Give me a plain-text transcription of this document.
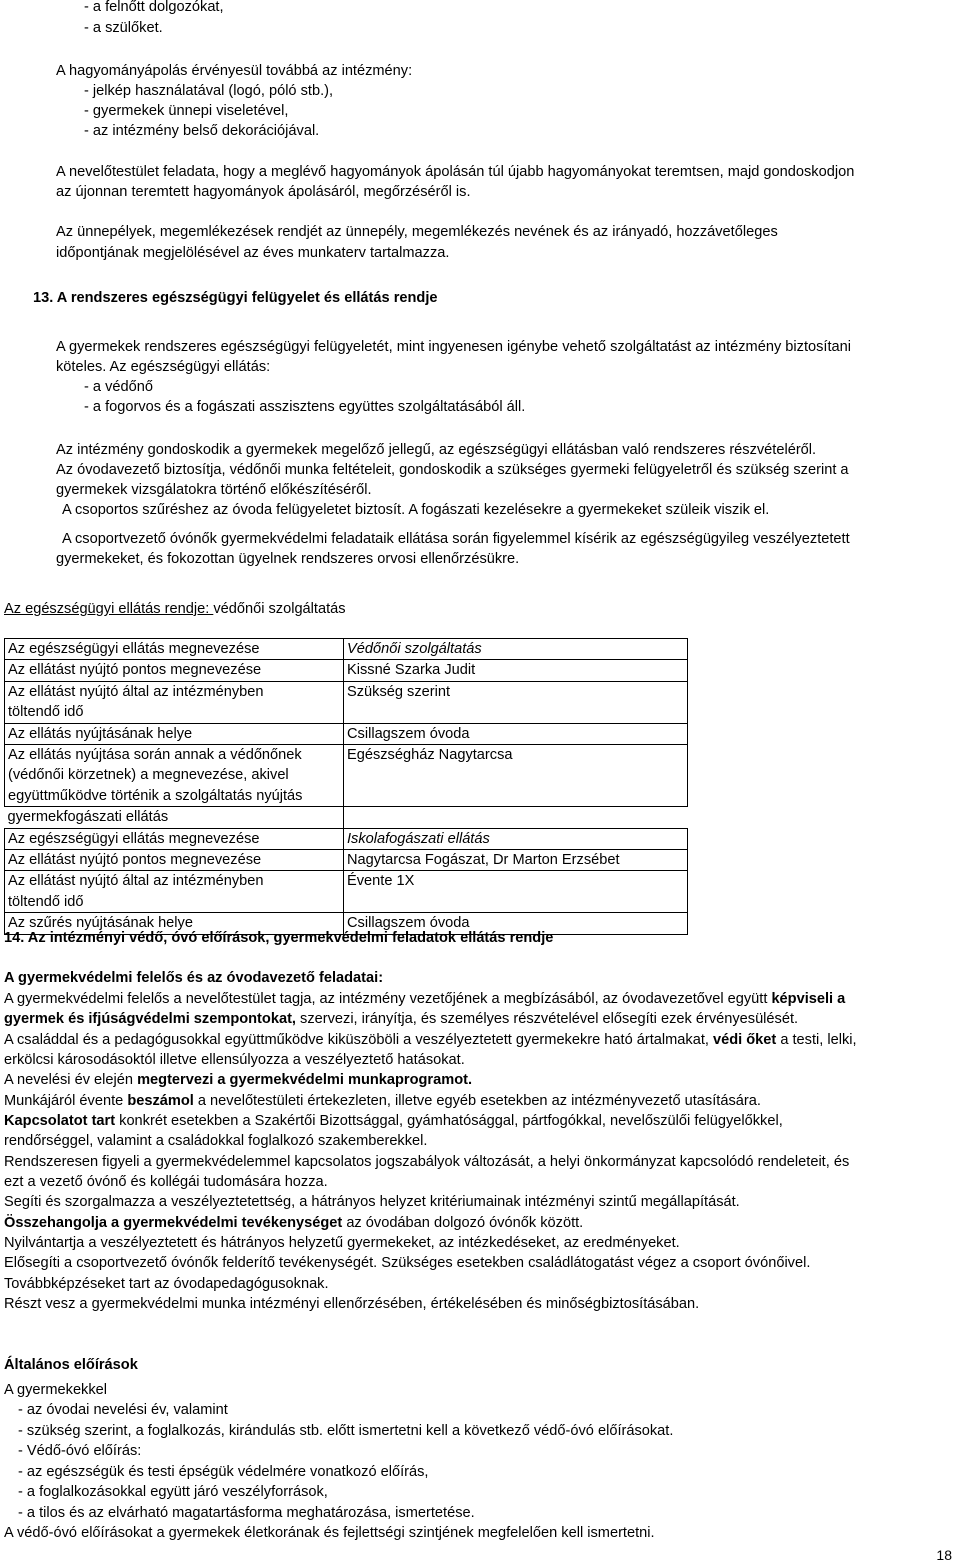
- a felnőtt dolgozókat,
- a szülőket.
A hagyományápolás érvényesül továbbá az intézmény:
- jelkép használatával (logó, póló stb.),
- gyermekek ünnepi viseletével,
- az intézmény belső dekorációjával.
A nevelőtestület feladata, hogy a meglévő hagyományok ápolásán túl újabb hagyományokat teremtsen, majd gondoskodjon
az újonnan teremtett hagyományok ápolásáról, megőrzéséről is.
Az ünnepélyek, megemlékezések rendjét az ünnepély, megemlékezés nevének és az irányadó, hozzávetőleges
időpontjának megjelölésével az éves munkaterv tartalmazza.
13. A rendszeres egészségügyi felügyelet és ellátás rendje
A gyermekek rendszeres egészségügyi felügyeletét, mint ingyenesen igénybe vehető szolgáltatást az intézmény biztosítani
köteles. Az egészségügyi ellátás:
- a védőnő
- a fogorvos és a fogászati asszisztens együttes szolgáltatásából áll.
Az intézmény gondoskodik a gyermekek megelőző jellegű, az egészségügyi ellátásban való rendszeres részvételéről.
Az óvodavezető biztosítja, védőnői munka feltételeit, gondoskodik a szükséges gyermeki felügyeletről és szükség szerint a
gyermekek vizsgálatokra történő előkészítéséről.
A csoportos szűréshez az óvoda felügyeletet biztosít. A fogászati kezelésekre a gyermekeket szüleik viszik el.
A csoportvezető óvónők gyermekvédelmi feladataik ellátása során figyelemmel kísérik az egészségügyileg veszélyeztetett
gyermekeket, és fokozottan ügyelnek rendszeres orvosi ellenőrzésükre.
Az egészségügyi ellátás rendje: védőnői szolgáltatás
Az egészségügyi ellátás megnevezése	Védőnői szolgáltatás
Az ellátást nyújtó pontos megnevezése	Kissné Szarka Judit
Az ellátást nyújtó által az intézményben
töltendő idő	Szükség szerint
Az ellátás nyújtásának helye	Csillagszem óvoda
Az ellátás nyújtása során annak a védőnőnek
(védőnői körzetnek) a megnevezése, akivel
együttműködve történik a szolgáltatás nyújtás	Egészségház Nagytarcsa
gyermekfogászati ellátás	
Az egészségügyi ellátás megnevezése	Iskolafogászati ellátás
Az ellátást nyújtó pontos megnevezése	Nagytarcsa Fogászat, Dr Marton Erzsébet
Az ellátást nyújtó által az intézményben
töltendő idő	Évente 1X
Az szűrés nyújtásának helye	Csillagszem óvoda
14. Az intézményi védő, óvó előírások, gyermekvédelmi feladatok ellátás rendje
A gyermekvédelmi felelős és az óvodavezető feladatai:
A gyermekvédelmi felelős a nevelőtestület tagja, az intézmény vezetőjének a megbízásából, az óvodavezetővel együtt képviseli a
gyermek és ifjúságvédelmi szempontokat, szervezi, irányítja, és személyes részvételével elősegíti ezek érvényesülését.
A családdal és a pedagógusokkal együttműködve kiküszöböli a veszélyeztetett gyermekekre ható ártalmakat, védi őket a testi, lelki,
erkölcsi károsodásoktól illetve ellensúlyozza a veszélyeztető hatásokat.
A nevelési év elején megtervezi a gyermekvédelmi munkaprogramot.
Munkájáról évente beszámol a nevelőtestületi értekezleten, illetve egyéb esetekben az intézményvezető utasítására.
Kapcsolatot tart konkrét esetekben a Szakértői Bizottsággal, gyámhatósággal, pártfogókkal, nevelőszülői felügyelőkkel,
rendőrséggel, valamint a családokkal foglalkozó szakemberekkel.
Rendszeresen figyeli a gyermekvédelemmel kapcsolatos jogszabályok változását, a helyi önkormányzat kapcsolódó rendeleteit, és
ezt a vezető óvónő és kollégái tudomására hozza.
Segíti és szorgalmazza a veszélyeztetettség, a hátrányos helyzet kritériumainak intézményi szintű megállapítását.
Összehangolja a gyermekvédelmi tevékenységet az óvodában dolgozó óvónők között.
Nyilvántartja a veszélyeztetett és hátrányos helyzetű gyermekeket, az intézkedéseket, az eredményeket.
Elősegíti a csoportvezető óvónők felderítő tevékenységét. Szükséges esetekben családlátogatást végez a csoport óvónőivel.
Továbbképzéseket tart az óvodapedagógusoknak.
Részt vesz a gyermekvédelmi munka intézményi ellenőrzésében, értékelésében és minőségbiztosításában.
Általános előírások
A gyermekekkel
- az óvodai nevelési év, valamint
- szükség szerint, a foglalkozás, kirándulás stb. előtt ismertetni kell a következő védő-óvó előírásokat.
- Védő-óvó előírás:
- az egészségük és testi épségük védelmére vonatkozó előírás,
- a foglalkozásokkal együtt járó veszélyforrások,
- a tilos és az elvárható magatartásforma meghatározása, ismertetése.
A védő-óvó előírásokat a gyermekek életkorának és fejlettségi szintjének megfelelően kell ismertetni.
18
